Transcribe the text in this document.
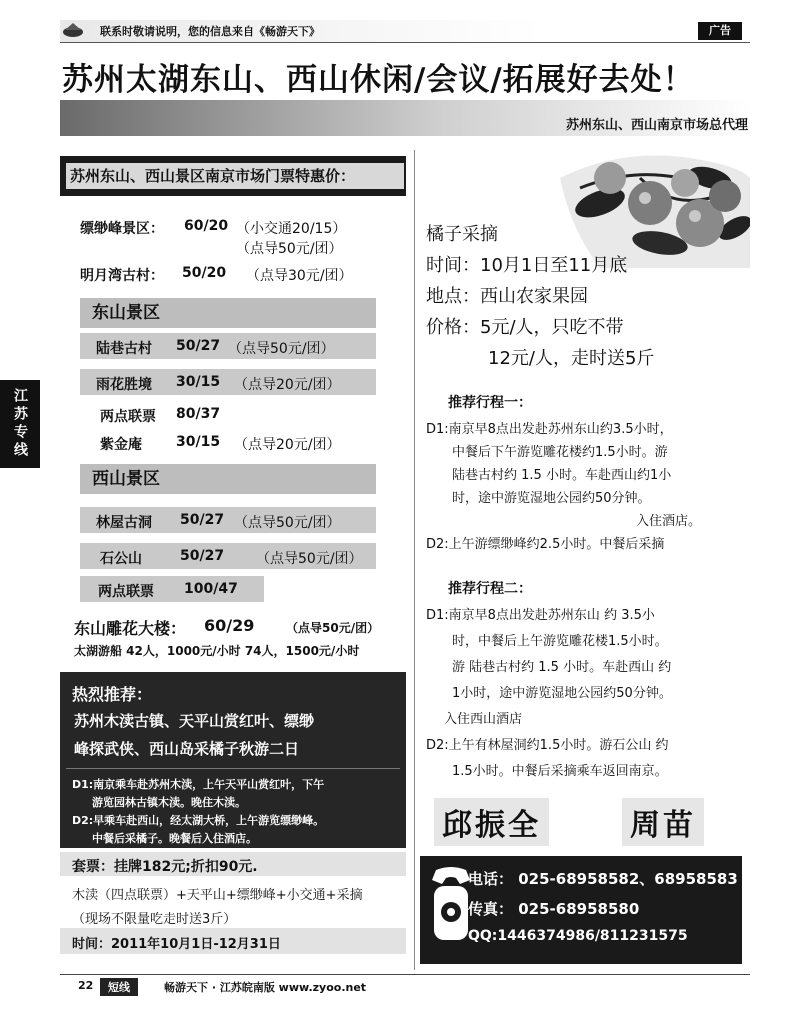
联系时敬请说明，您的信息来自《畅游天下》	广告
苏州太湖东山、西山休闲/会议/拓展好去处！
苏州东山、西山南京市场总代理
江苏专线
苏州东山、西山景区南京市场门票特惠价：
缥缈峰景区： 60/20 （小交通20/15）
（点导50元/团）
明月湾古村： 50/20 （点导30元/团）
东山景区
陆巷古村 50/27 （点导50元/团）
雨花胜境 30/15 （点导20元/团）
两点联票 80/37
紫金庵 30/15 （点导20元/团）
西山景区
林屋古洞 50/27 （点导50元/团）
石公山	50/27 （点导50元/团）
两点联票 100/47
东山雕花大楼： 60/29	（点导50元/团）
太湖游船 42人，1000元/小时 74人，1500元/小时
热烈推荐：
苏州木渎古镇、天平山赏红叶、缥缈
峰探武侠、西山岛采橘子秋游二日
D1:南京乘车赴苏州木渎，上午天平山赏红叶，下午
游览园林古镇木渎。晚住木渎。
D2:早乘车赴西山，经太湖大桥，上午游览缥缈峰。
中餐后采橘子。晚餐后入住酒店。
套票：挂牌182元;折扣90元.
木渎（四点联票）+天平山+缥缈峰+小交通+采摘
（现场不限量吃走时送3斤）
时间：2011年10月1日-12月31日
橘子采摘
时间：10月1日至11月底
地点：西山农家果园
价格：5元/人，只吃不带
12元/人，走时送5斤
推荐行程一：
D1:南京早8点出发赴苏州东山约3.5小时，
中餐后下午游览雕花楼约1.5小时。游
陆巷古村约 1.5 小时。车赴西山约1小
时，途中游览湿地公园约50分钟。
入住酒店。
D2:上午游缥缈峰约2.5小时。中餐后采摘
推荐行程二：
D1:南京早8点出发赴苏州东山 约 3.5小
时，中餐后上午游览雕花楼1.5小时。
游 陆巷古村约 1.5 小时。车赴西山 约
1小时，途中游览湿地公园约50分钟。
入住西山酒店
D2:上午有林屋洞约1.5小时。游石公山 约
1.5小时。中餐后采摘乘车返回南京。
邱振全	周苗
电话： 025-68958582、68958583
传真： 025-68958580
QQ:1446374986/811231575
22	短线	畅游天下 · 江苏皖南版 www.zyoo.net
